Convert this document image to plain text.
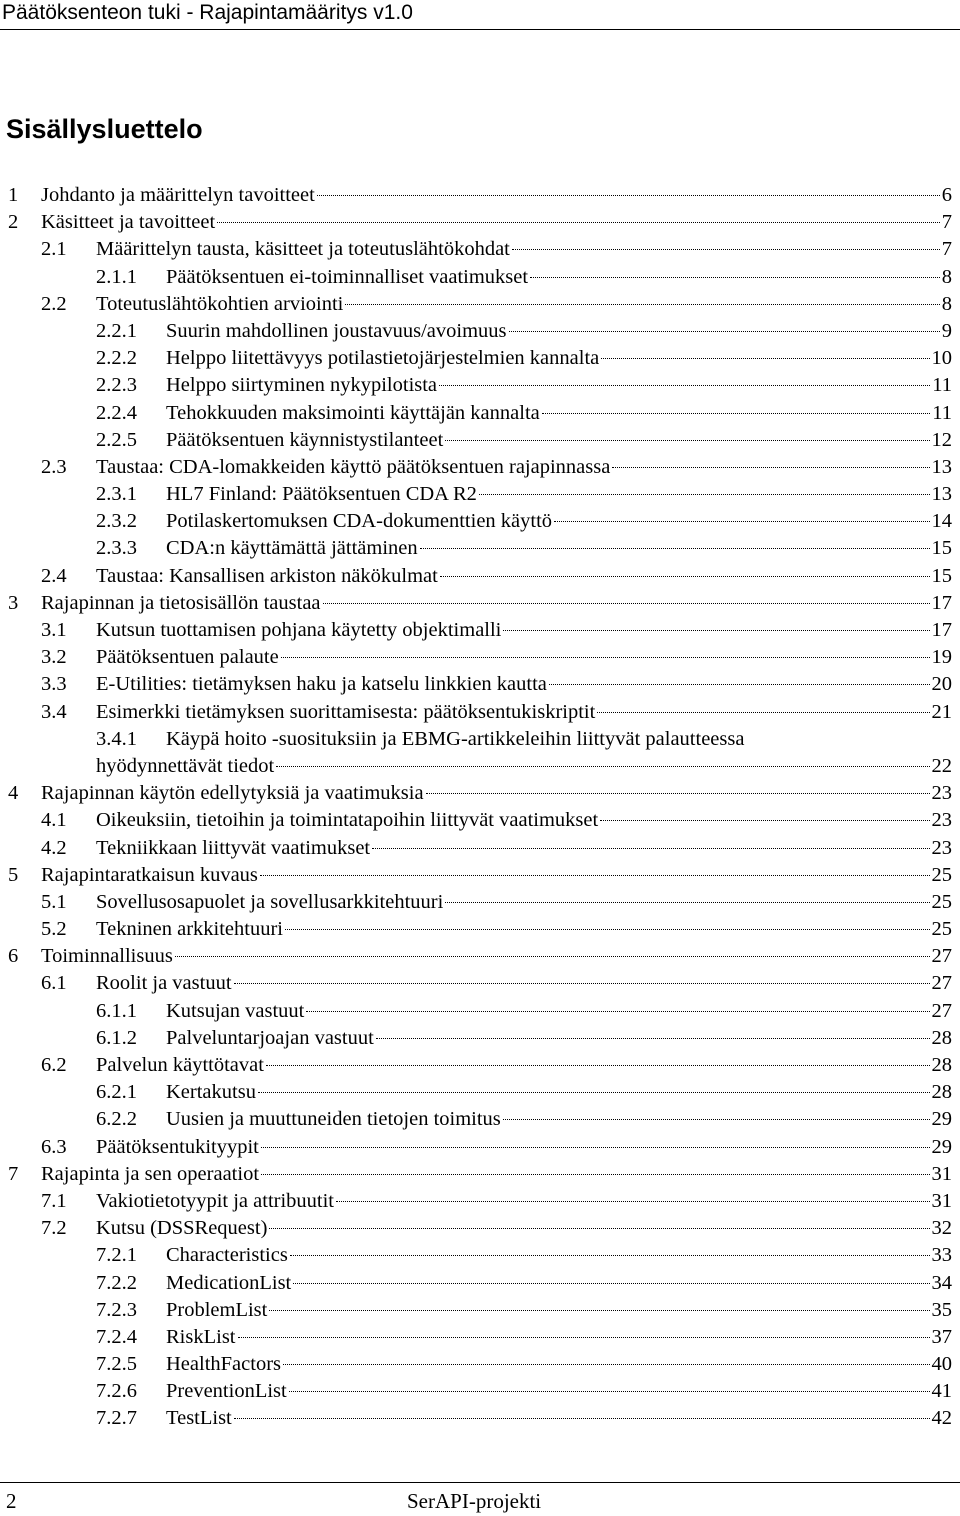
Päätöksenteon tuki - Rajapintamääritys v1.0
Sisällysluettelo
1 Johdanto ja määrittelyn tavoitteet	6
2 Käsitteet ja tavoitteet	7
2.1 Määrittelyn tausta, käsitteet ja toteutuslähtökohdat	7
2.1.1 Päätöksentuen ei-toiminnalliset vaatimukset	8
2.2 Toteutuslähtökohtien arviointi	8
2.2.1 Suurin mahdollinen joustavuus/avoimuus	9
2.2.2 Helppo liitettävyys potilastietojärjestelmien kannalta	10
2.2.3 Helppo siirtyminen nykypilotista	11
2.2.4 Tehokkuuden maksimointi käyttäjän kannalta	11
2.2.5 Päätöksentuen käynnistystilanteet	12
2.3 Taustaa: CDA-lomakkeiden käyttö päätöksentuen rajapinnassa	13
2.3.1 HL7 Finland: Päätöksentuen CDA R2	13
2.3.2 Potilaskertomuksen CDA-dokumenttien käyttö	14
2.3.3 CDA:n käyttämättä jättäminen	15
2.4 Taustaa: Kansallisen arkiston näkökulmat	15
3 Rajapinnan ja tietosisällön taustaa	17
3.1 Kutsun tuottamisen pohjana käytetty objektimalli	17
3.2 Päätöksentuen palaute	19
3.3 E-Utilities: tietämyksen haku ja katselu linkkien kautta	20
3.4 Esimerkki tietämyksen suorittamisesta: päätöksentukiskriptit	21
3.4.1 Käypä hoito -suosituksiin ja EBMG-artikkeleihin liittyvät palautteessa
hyödynnettävät tiedot	22
4 Rajapinnan käytön edellytyksiä ja vaatimuksia	23
4.1 Oikeuksiin, tietoihin ja toimintatapoihin liittyvät vaatimukset	23
4.2 Tekniikkaan liittyvät vaatimukset	23
5 Rajapintaratkaisun kuvaus	25
5.1 Sovellusosapuolet ja sovellusarkkitehtuuri	25
5.2 Tekninen arkkitehtuuri	25
6 Toiminnallisuus	27
6.1 Roolit ja vastuut	27
6.1.1 Kutsujan vastuut	27
6.1.2 Palveluntarjoajan vastuut	28
6.2 Palvelun käyttötavat	28
6.2.1 Kertakutsu	28
6.2.2 Uusien ja muuttuneiden tietojen toimitus	29
6.3 Päätöksentukityypit	29
7 Rajapinta ja sen operaatiot	31
7.1 Vakiotietotyypit ja attribuutit	31
7.2 Kutsu (DSSRequest)	32
7.2.1 Characteristics	33
7.2.2 MedicationList	34
7.2.3 ProblemList	35
7.2.4 RiskList	37
7.2.5 HealthFactors	40
7.2.6 PreventionList	41
7.2.7 TestList	42
2	SerAPI-projekti
